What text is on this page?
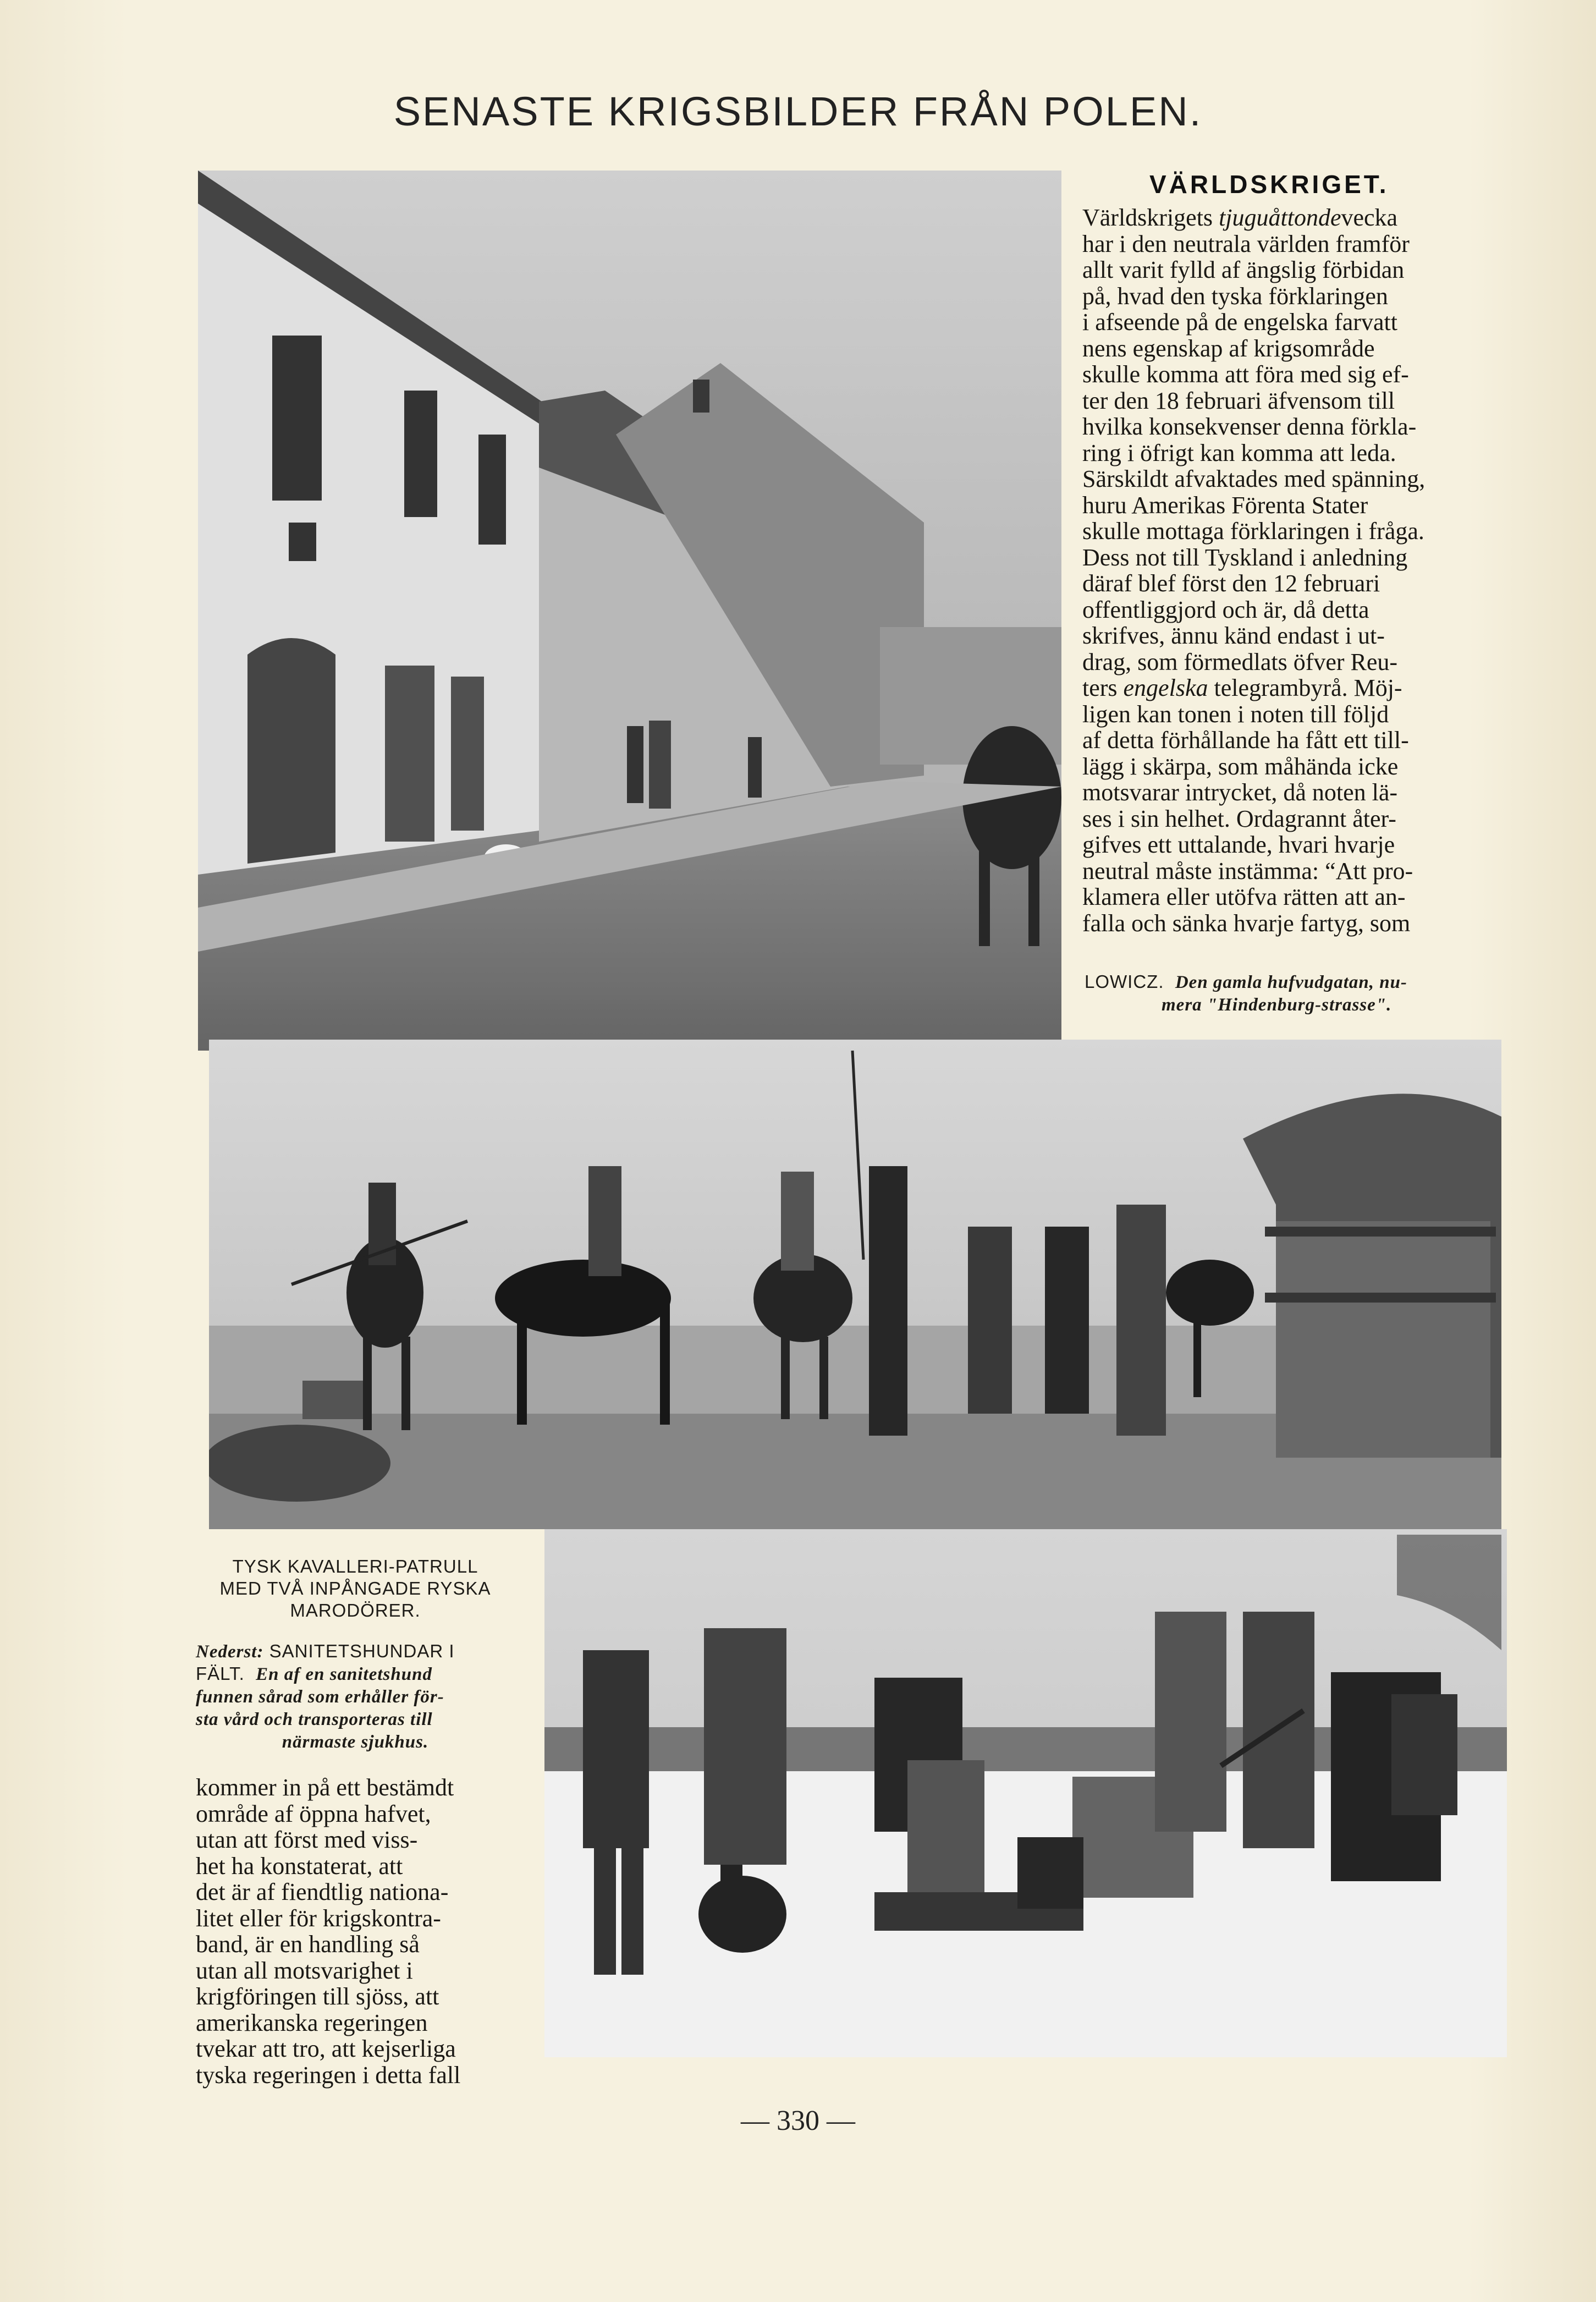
SENASTE KRIGSBILDER FRÅN POLEN.
VÄRLDSKRIGET.

Världskrigets tjuguåttondevecka

har i den neutrala världen framför

allt varit fylld af ängslig förbidan

på, hvad den tyska förklaringen

i afseende på de engelska farvatt

nens egenskap af krigsområde

skulle komma att föra med sig ef-

ter den 18 februari äfvensom till

hvilka konsekvenser denna förkla-

ring i öfrigt kan komma att leda.

Särskildt afvaktades med spänning,

huru Amerikas Förenta Stater

skulle mottaga förklaringen i fråga.

Dess not till Tyskland i anledning

däraf blef först den 12 februari

offentliggjord och är, då detta

skrifves, ännu känd endast i ut-

drag, som förmedlats öfver Reu-

ters engelska telegrambyrå. Möj-

ligen kan tonen i noten till följd

af detta förhållande ha fått ett till-

lägg i skärpa, som måhända icke

motsvarar intrycket, då noten lä-

ses i sin helhet. Ordagrannt åter-

gifves ett uttalande, hvari hvarje

neutral måste instämma: “Att pro-

klamera eller utöfva rätten att an-

falla och sänka hvarje fartyg, som

LOWICZ. Den gamla hufvudgatan, nu-
mera "Hindenburg-strasse".
TYSK KAVALLERI-PATRULL
MED TVÅ INPÅNGADE RYSKA
MARODÖRER.
Nederst: SANITETSHUNDAR I
FÄLT. En af en sanitetshund
funnen sårad som erhåller för-
sta vård och transporteras till
närmaste sjukhus.

kommer in på ett bestämdt

område af öppna hafvet,

utan att först med viss-

het ha konstaterat, att

det är af fiendtlig nationa-

litet eller för krigskontra-

band, är en handling så

utan all motsvarighet i

krigföringen till sjöss, att

amerikanska regeringen

tvekar att tro, att kejserliga

tyska regeringen i detta fall

— 330 —
